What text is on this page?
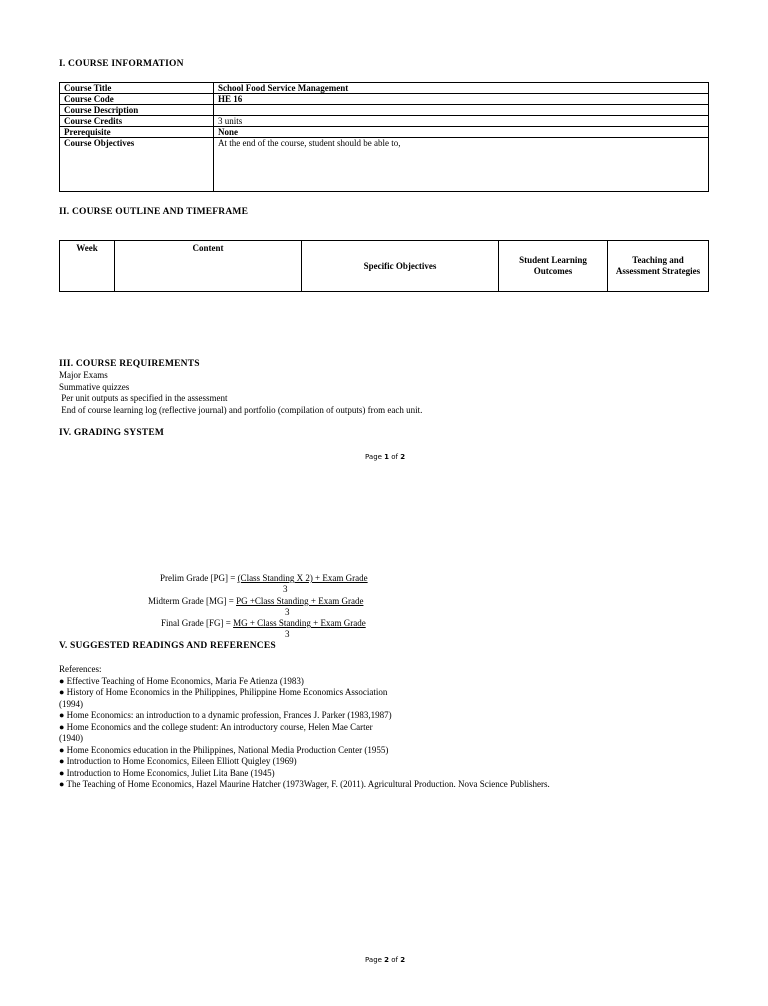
I. COURSE INFORMATION
Course Title	School Food Service Management
Course Code	HE 16
Course Description	
Course Credits	3 units
Prerequisite	None
Course Objectives	At the end of the course, student should be able to,
II. COURSE OUTLINE AND TIMEFRAME
Week	Content	Specific Objectives	Student Learning Outcomes	Teaching and Assessment Strategies
III. COURSE REQUIREMENTS
Major Exams
Summative quizzes
Per unit outputs as specified in the assessment
End of course learning log (reflective journal) and portfolio (compilation of outputs) from each unit.
IV. GRADING SYSTEM
Page 1 of 2
Prelim Grade [PG] = (Class Standing X 2) + Exam Grade
3
Midterm Grade [MG] = PG +Class Standing + Exam Grade
3
Final Grade [FG] = MG + Class Standing + Exam Grade
3
V. SUGGESTED READINGS AND REFERENCES
References:
● Effective Teaching of Home Economics, Maria Fe Atienza (1983)
● History of Home Economics in the Philippines, Philippine Home Economics Association
(1994)
● Home Economics: an introduction to a dynamic profession, Frances J. Parker (1983,1987)
● Home Economics and the college student: An introductory course, Helen Mae Carter
(1940)
● Home Economics education in the Philippines, National Media Production Center (1955)
● Introduction to Home Economics, Eileen Elliott Quigley (1969)
● Introduction to Home Economics, Juliet Lita Bane (1945)
● The Teaching of Home Economics, Hazel Maurine Hatcher (1973Wager, F. (2011). Agricultural Production. Nova Science Publishers.
Page 2 of 2
